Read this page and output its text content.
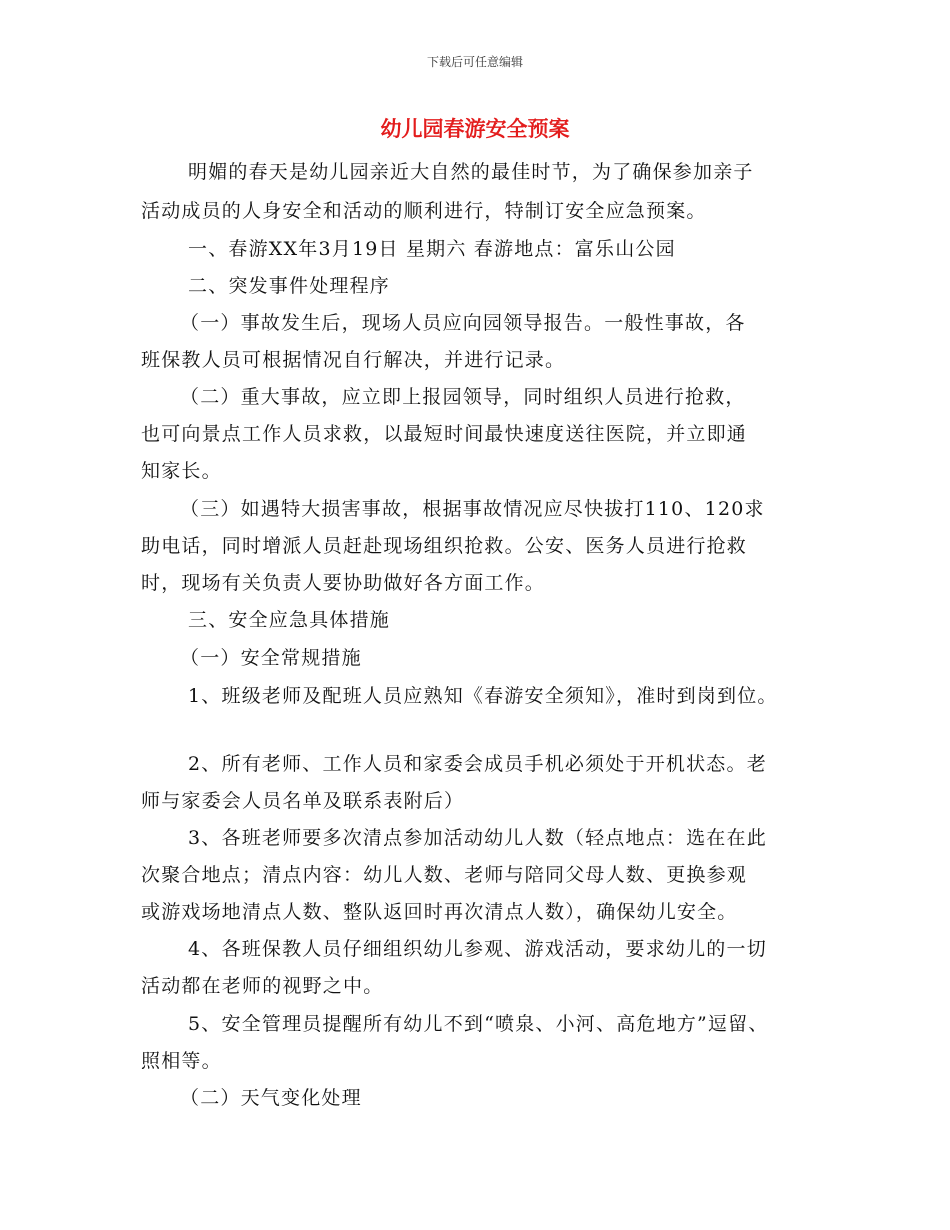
下载后可任意编辑
幼儿园春游安全预案
明媚的春天是幼儿园亲近大自然的最佳时节，为了确保参加亲子
活动成员的人身安全和活动的顺利进行，特制订安全应急预案。
一、春游XX年3月19日 星期六 春游地点：富乐山公园
二、突发事件处理程序
（一）事故发生后，现场人员应向园领导报告。一般性事故，各
班保教人员可根据情况自行解决，并进行记录。
（二）重大事故，应立即上报园领导，同时组织人员进行抢救，
也可向景点工作人员求救，以最短时间最快速度送往医院，并立即通
知家长。
（三）如遇特大损害事故，根据事故情况应尽快拔打110、120求
助电话，同时增派人员赶赴现场组织抢救。公安、医务人员进行抢救
时，现场有关负责人要协助做好各方面工作。
三、安全应急具体措施
（一）安全常规措施
1、班级老师及配班人员应熟知《春游安全须知》，准时到岗到位。
2、所有老师、工作人员和家委会成员手机必须处于开机状态。老
师与家委会人员名单及联系表附后）
3、各班老师要多次清点参加活动幼儿人数（轻点地点：选在在此
次聚合地点；清点内容：幼儿人数、老师与陪同父母人数、更换参观
或游戏场地清点人数、整队返回时再次清点人数），确保幼儿安全。
4、各班保教人员仔细组织幼儿参观、游戏活动，要求幼儿的一切
活动都在老师的视野之中。
5、安全管理员提醒所有幼儿不到“喷泉、小河、高危地方”逗留、
照相等。
（二）天气变化处理
